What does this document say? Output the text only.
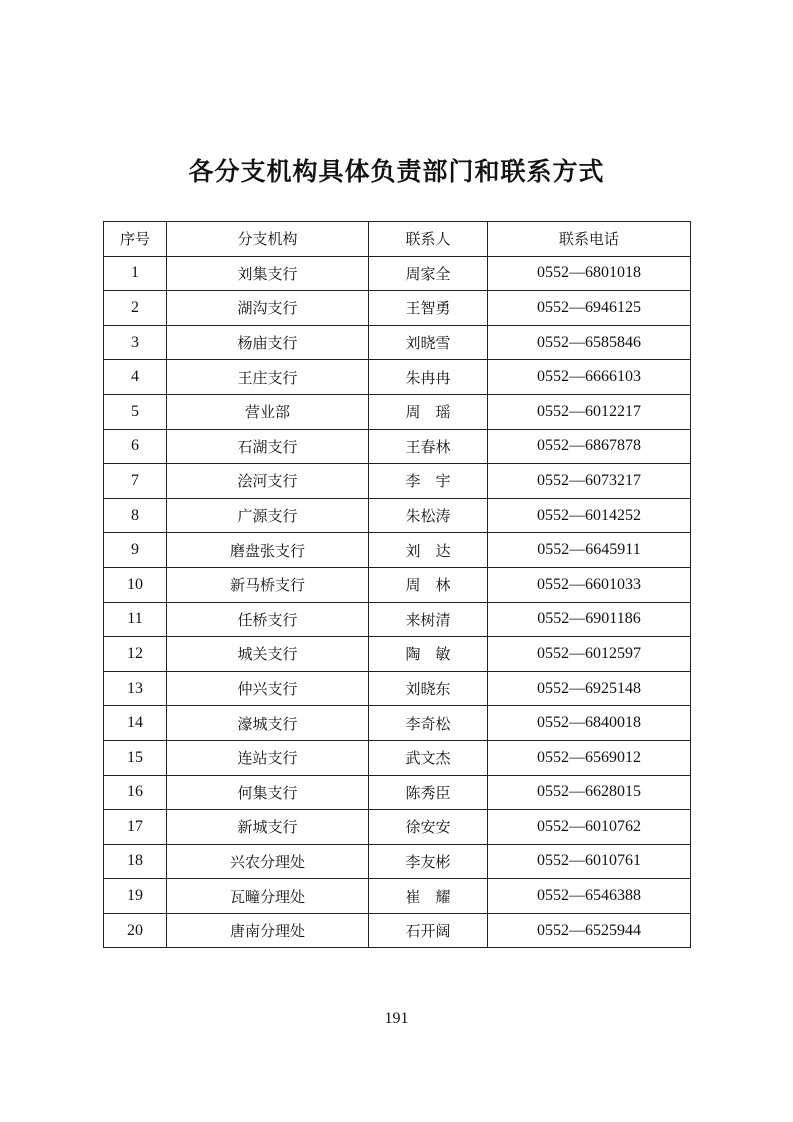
各分支机构具体负责部门和联系方式
序号	分支机构	联系人	联系电话
1	刘集支行	周家全	0552—6801018
2	湖沟支行	王智勇	0552—6946125
3	杨庙支行	刘晓雪	0552—6585846
4	王庄支行	朱冉冉	0552—6666103
5	营业部	周　瑶	0552—6012217
6	石湖支行	王春林	0552—6867878
7	浍河支行	李　宇	0552—6073217
8	广源支行	朱松涛	0552—6014252
9	磨盘张支行	刘　达	0552—6645911
10	新马桥支行	周　林	0552—6601033
11	任桥支行	来树清	0552—6901186
12	城关支行	陶　敏	0552—6012597
13	仲兴支行	刘晓东	0552—6925148
14	濠城支行	李奇松	0552—6840018
15	连站支行	武文杰	0552—6569012
16	何集支行	陈秀臣	0552—6628015
17	新城支行	徐安安	0552—6010762
18	兴农分理处	李友彬	0552—6010761
19	瓦疃分理处	崔　耀	0552—6546388
20	唐南分理处	石开阔	0552—6525944
191
